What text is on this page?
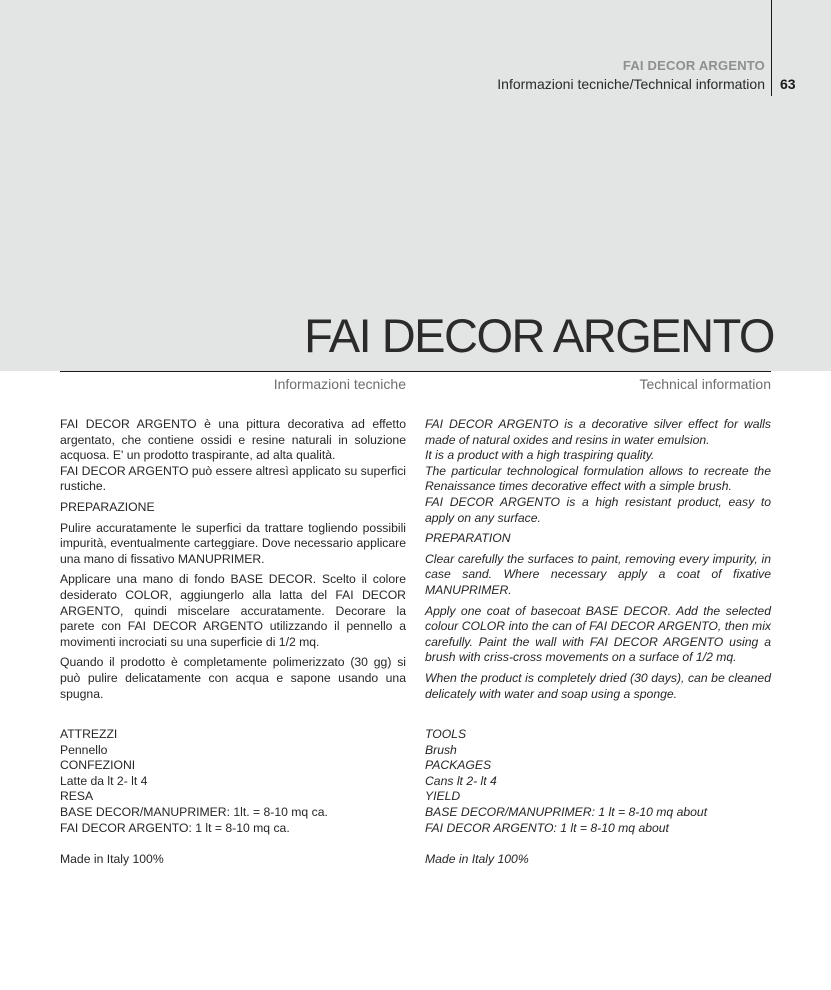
FAI DECOR ARGENTO
Informazioni tecniche/Technical information 63
FAI DECOR ARGENTO
Informazioni tecniche	Technical information

FAI DECOR ARGENTO è una pittura decorativa ad effetto argentato, che contiene ossidi e resine naturali in soluzione acquosa. E' un prodotto traspirante, ad alta qualità.
FAI DECOR ARGENTO può essere altresì applicato su superfici rustiche.

PREPARAZIONE

Pulire accuratamente le superfici da trattare togliendo possibili impurità, eventualmente carteggiare. Dove necessario applicare una mano di fissativo MANUPRIMER.

Applicare una mano di fondo BASE DECOR. Scelto il colore desiderato COLOR, aggiungerlo alla latta del FAI DECOR ARGENTO, quindi miscelare accuratamente. Decorare la parete con FAI DECOR ARGENTO utilizzando il pennello a movimenti incrociati su una superficie di 1/2 mq.

Quando il prodotto è completamente polimerizzato (30 gg) si può pulire delicatamente con acqua e sapone usando una spugna.

ATTREZZI
Pennello
CONFEZIONI
Latte da lt 2- lt 4
RESA
BASE DECOR/MANUPRIMER: 1lt. = 8-10 mq ca.
FAI DECOR ARGENTO: 1 lt = 8-10 mq ca.
Made in Italy 100%

FAI DECOR ARGENTO is a decorative silver effect for walls made of natural oxides and resins in water emulsion.
It is a product with a high traspiring quality.
The particular technological formulation allows to recreate the Renaissance times decorative effect with a simple brush.
FAI DECOR ARGENTO is a high resistant product, easy to apply on any surface.

PREPARATION

Clear carefully the surfaces to paint, removing every impurity, in case sand. Where necessary apply a coat of fixative MANUPRIMER.

Apply one coat of basecoat BASE DECOR. Add the selected colour COLOR into the can of FAI DECOR ARGENTO, then mix carefully. Paint the wall with FAI DECOR ARGENTO using a brush with criss-cross movements on a surface of 1/2 mq.

When the product is completely dried (30 days), can be cleaned delicately with water and soap using a sponge.

TOOLS
Brush
PACKAGES
Cans lt 2- lt 4
YIELD
BASE DECOR/MANUPRIMER: 1 lt = 8-10 mq about
FAI DECOR ARGENTO: 1 lt = 8-10 mq about
Made in Italy 100%
